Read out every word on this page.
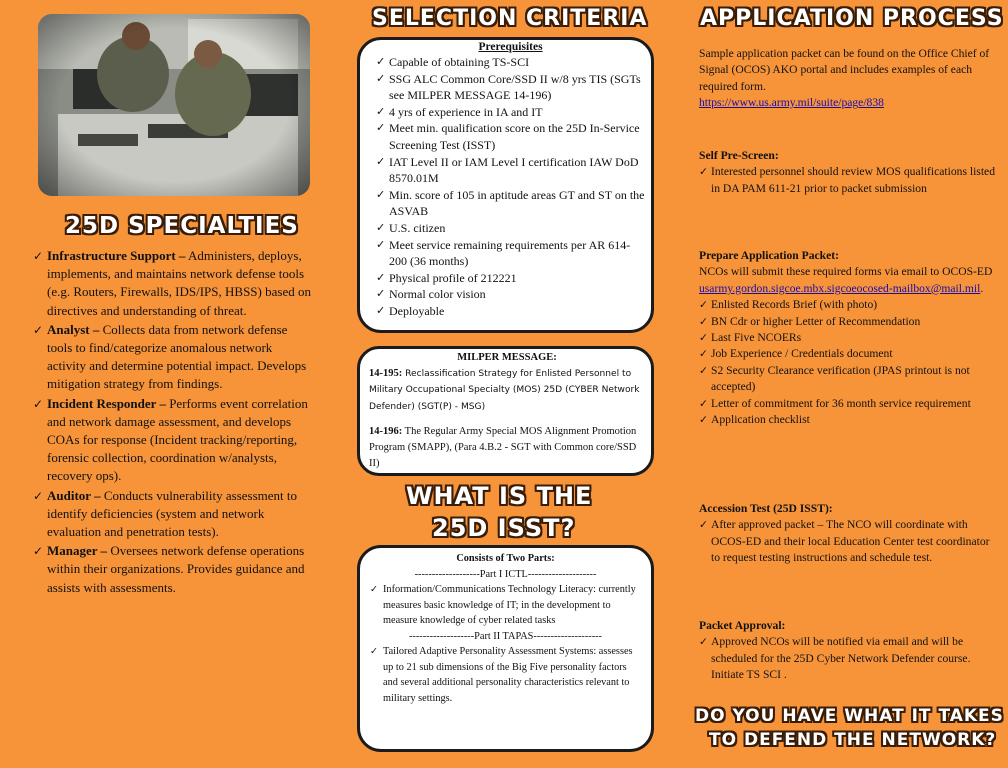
25D SPECIALTIES
✓ Infrastructure Support – Administers, deploys, implements, and maintains network defense tools (e.g. Routers, Firewalls, IDS/IPS, HBSS) based on directives and understanding of threat.
✓ Analyst – Collects data from network defense tools to find/categorize anomalous network activity and determine potential impact. Develops mitigation strategy from findings.
✓ Incident Responder – Performs event correlation and network damage assessment, and develops COAs for response (Incident tracking/reporting, forensic collection, coordination w/analysts, recovery ops).
✓ Auditor – Conducts vulnerability assessment to identify deficiencies (system and network evaluation and penetration tests).
✓ Manager – Oversees network defense operations within their organizations. Provides guidance and assists with assessments.
SELECTION CRITERIA
Prerequisites
✓ Capable of obtaining TS-SCI
✓ SSG ALC Common Core/SSD II w/8 yrs TIS (SGTs see MILPER MESSAGE 14-196)
✓ 4 yrs of experience in IA and IT
✓ Meet min. qualification score on the 25D In-Service Screening Test (ISST)
✓ IAT Level II or IAM Level I certification IAW DoD 8570.01M
✓ Min. score of 105 in aptitude areas GT and ST on the ASVAB
✓ U.S. citizen
✓ Meet service remaining requirements per AR 614-200 (36 months)
✓ Physical profile of 212221
✓ Normal color vision
✓ Deployable
MILPER MESSAGE:
14-195: Reclassification Strategy for Enlisted Personnel to Military Occupational Specialty (MOS) 25D (CYBER Network Defender) (SGT(P) - MSG)
14-196: The Regular Army Special MOS Alignment Promotion Program (SMAPP), (Para 4.B.2 - SGT with Common core/SSD II)
WHAT IS THE
25D ISST?
Consists of Two Parts:
-------------------Part I ICTL--------------------
✓ Information/Communications Technology Literacy: currently measures basic knowledge of IT; in the development to measure knowledge of cyber related tasks
-------------------Part II TAPAS--------------------
✓ Tailored Adaptive Personality Assessment Systems: assesses up to 21 sub dimensions of the Big Five personality factors and several additional personality characteristics relevant to military settings.
APPLICATION PROCESS
Sample application packet can be found on the Office Chief of Signal (OCOS) AKO portal and includes examples of each required form.
https://www.us.army.mil/suite/page/838
Self Pre-Screen:
✓ Interested personnel should review MOS qualifications listed in DA PAM 611-21 prior to packet submission
Prepare Application Packet:
NCOs will submit these required forms via email to OCOS-ED usarmy.gordon.sigcoe.mbx.sigcoeocosed-mailbox@mail.mil.
✓ Enlisted Records Brief (with photo)
✓ BN Cdr or higher Letter of Recommendation
✓ Last Five NCOERs
✓ Job Experience / Credentials document
✓ S2 Security Clearance verification (JPAS printout is not accepted)
✓ Letter of commitment for 36 month service requirement
✓ Application checklist
Accession Test (25D ISST):
✓ After approved packet – The NCO will coordinate with OCOS-ED and their local Education Center test coordinator to request testing instructions and schedule test.
Packet Approval:
✓ Approved NCOs will be notified via email and will be scheduled for the 25D Cyber Network Defender course. Initiate TS SCI .
DO YOU HAVE WHAT IT TAKES
TO DEFEND THE NETWORK?
